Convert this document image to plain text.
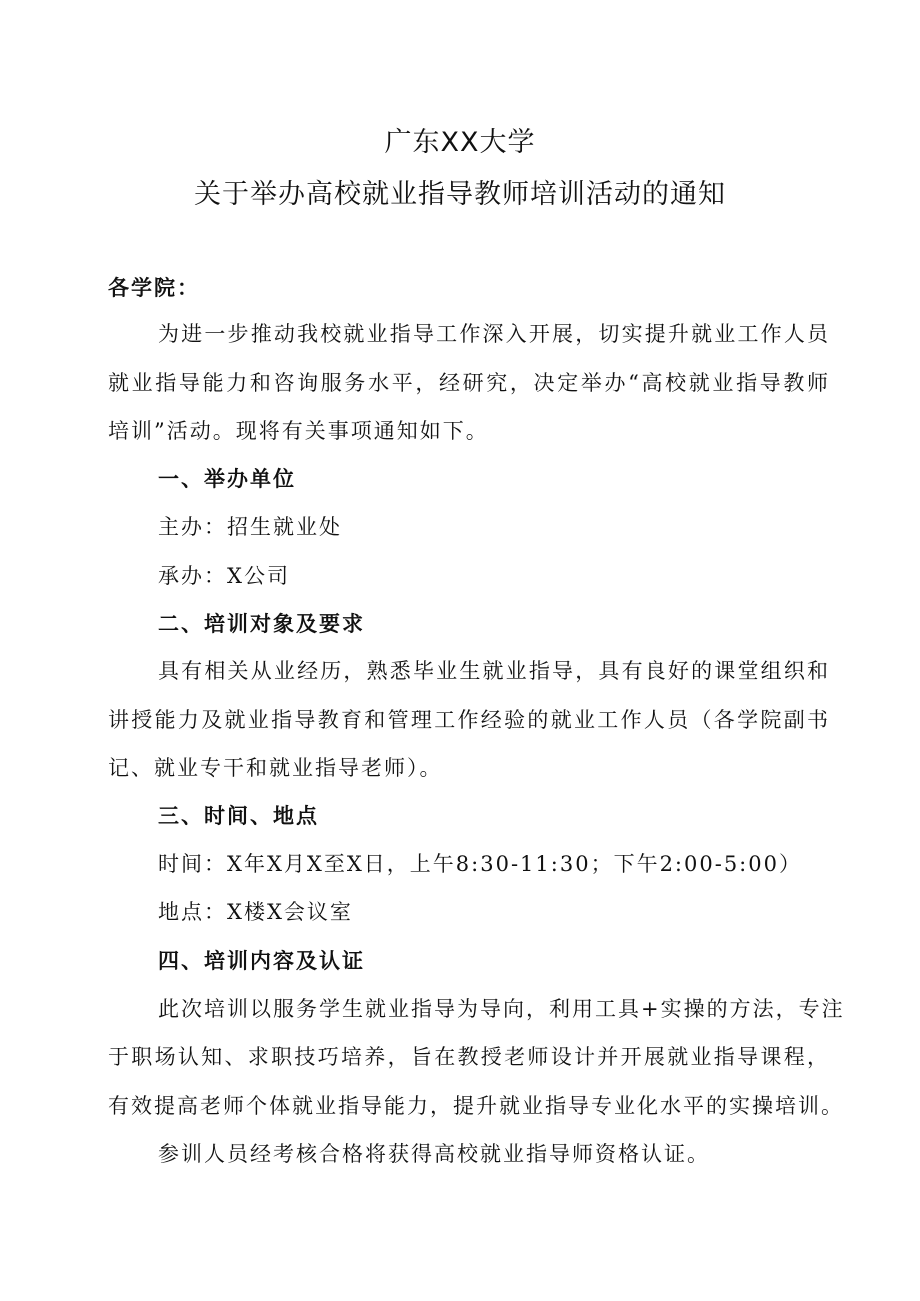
广东XX大学
关于举办高校就业指导教师培训活动的通知

各学院：

为进一步推动我校就业指导工作深入开展，切实提升就业工作人员

就业指导能力和咨询服务水平，经研究，决定举办“高校就业指导教师

培训”活动。现将有关事项通知如下。

一、举办单位

主办：招生就业处

承办：X公司

二、培训对象及要求

具有相关从业经历，熟悉毕业生就业指导，具有良好的课堂组织和

讲授能力及就业指导教育和管理工作经验的就业工作人员（各学院副书

记、就业专干和就业指导老师）。

三、时间、地点

时间：X年X月X至X日，上午8:30-11:30；下午2:00-5:00）

地点：X楼X会议室

四、培训内容及认证

此次培训以服务学生就业指导为导向，利用工具+实操的方法，专注

于职场认知、求职技巧培养，旨在教授老师设计并开展就业指导课程，

有效提高老师个体就业指导能力，提升就业指导专业化水平的实操培训。

参训人员经考核合格将获得高校就业指导师资格认证。
